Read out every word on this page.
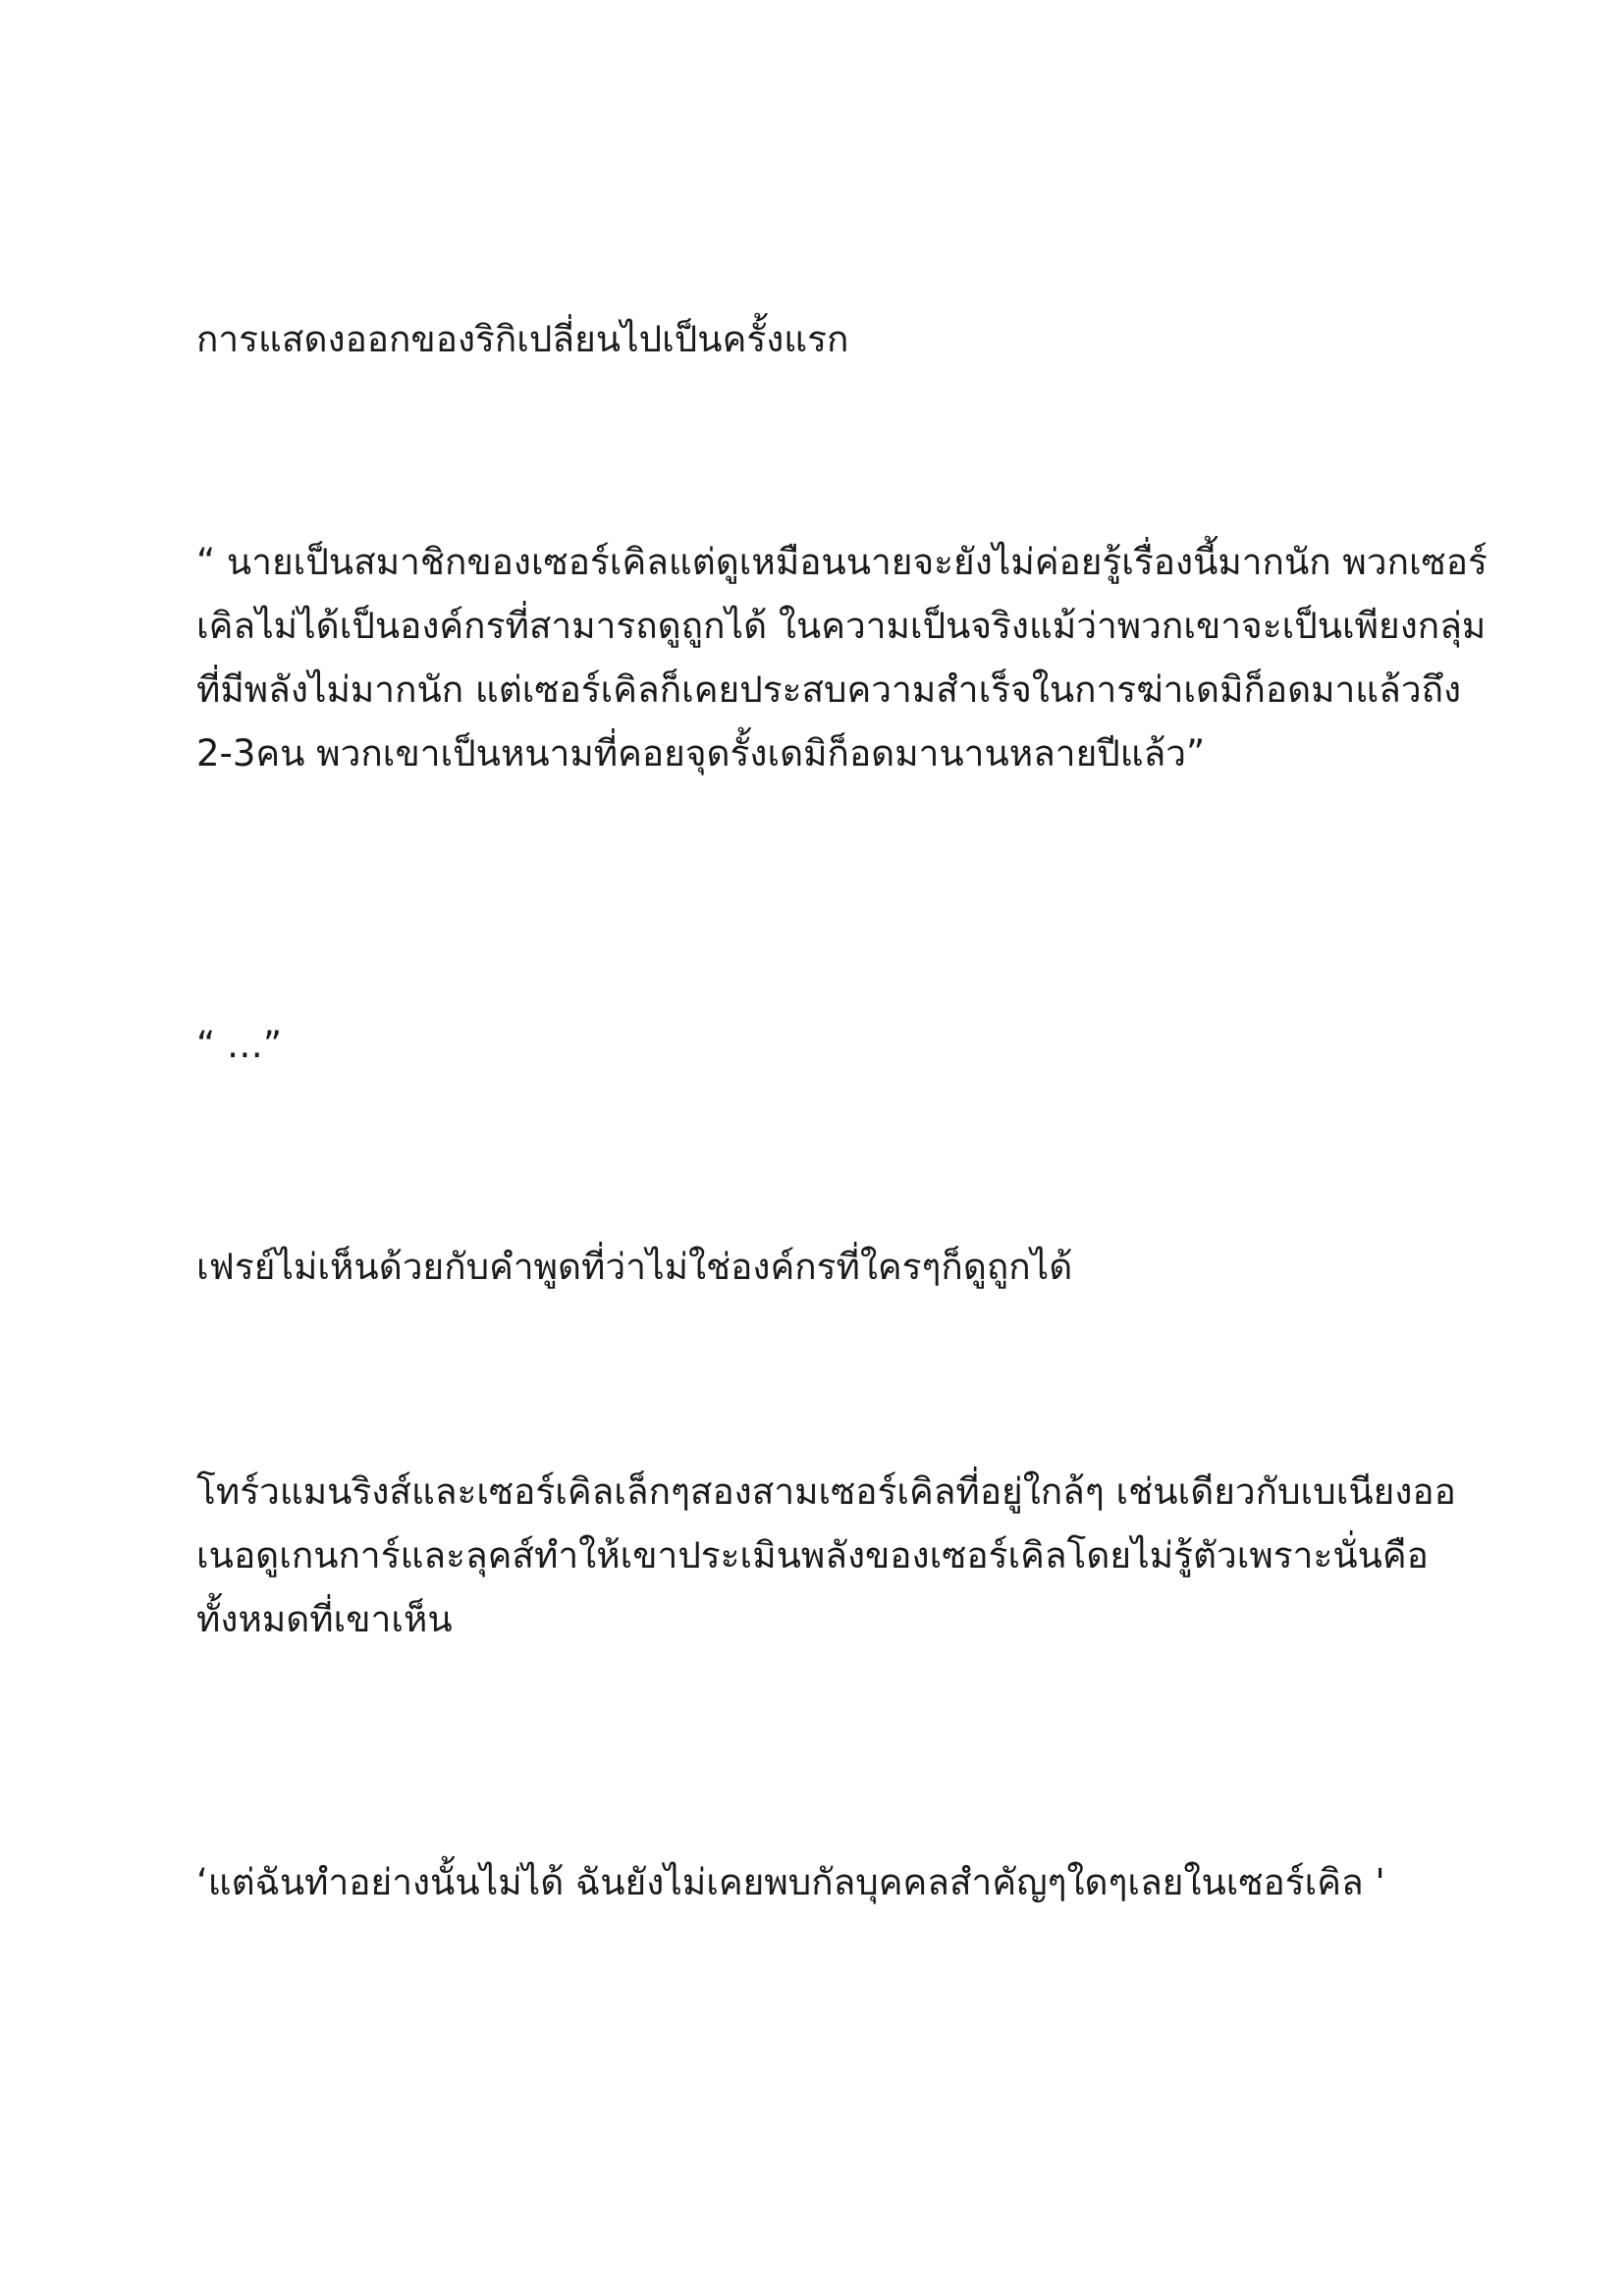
การแสดงออกของริกิเปลี่ยนไปเป็นครั้งแรก

“ นายเป็นสมาชิกของเซอร์เคิลแต่ดูเหมือนนายจะยังไม่ค่อยรู้เรื่องนี้มากนัก พวกเซอร์
เคิลไม่ได้เป็นองค์กรที่สามารถดูถูกได้ ในความเป็นจริงแม้ว่าพวกเขาจะเป็นเพียงกลุ่ม
ที่มีพลังไม่มากนัก แต่เซอร์เคิลก็เคยประสบความสำเร็จในการฆ่าเดมิก็อดมาแล้วถึง
2-3คน พวกเขาเป็นหนามที่คอยจุดรั้งเดมิก็อดมานานหลายปีแล้ว”

“ …”

เฟรย์ไม่เห็นด้วยกับคำพูดที่ว่าไม่ใช่องค์กรที่ใครๆก็ดูถูกได้

โทร์วแมนริงส์และเซอร์เคิลเล็กๆสองสามเซอร์เคิลที่อยู่ใกล้ๆ เช่นเดียวกับเบเนียงออ
เนอดูเกนการ์และลุคส์ทำให้เขาประเมินพลังของเซอร์เคิลโดยไม่รู้ตัวเพราะนั่นคือ
ทั้งหมดที่เขาเห็น

‘แต่ฉันทำอย่างนั้นไม่ได้ ฉันยังไม่เคยพบกัลบุคคลสำคัญๆใดๆเลยในเซอร์เคิล '
